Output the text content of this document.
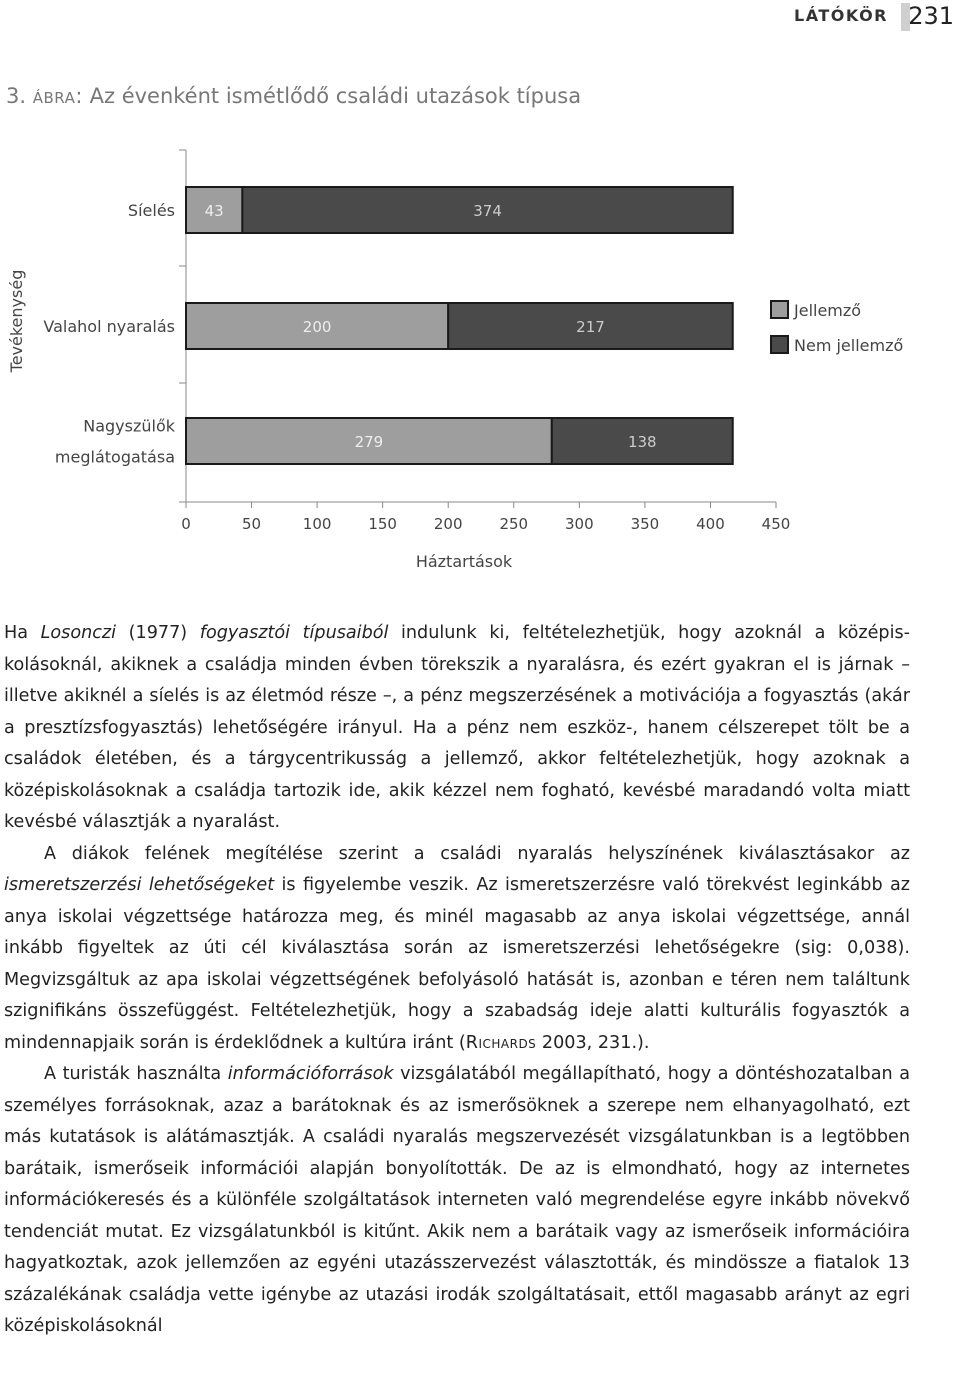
LÁTÓKÖR 231
3. ábra: Az évenként ismétlődő családi utazások típusa
0	50	100 150 200 250 300 350 400 450
43	374
Síelés
200	217
Valahol nyaralás
279	138
Nagyszülők
meglátogatása
Háztartások
Tevékenység	Jellemző
Nem jellemző

Ha Losonczi (1977) fogyasztói típusaiból indulunk ki, feltételezhetjük, hogy azoknál a középiskolásoknál, akiknek a családja minden évben törekszik a nyaralásra, és ezért gyakran el is járnak – illetve akiknél a síelés is az életmód része –, a pénz megszerzésének a motivációja a fogyasztás (akár a presztízsfogyasztás) lehetőségére irányul. Ha a pénz nem eszköz-, hanem célszerepet tölt be a családok életében, és a tárgycentrikusság a jellemző, akkor feltételezhetjük, hogy azoknak a középiskolásoknak a családja tartozik ide, akik kézzel nem fogható, kevésbé maradandó volta miatt kevésbé választják a nyaralást.

A diákok felének megítélése szerint a családi nyaralás helyszínének kiválasztásakor az ismeretszerzési lehetőségeket is figyelembe veszik. Az ismeretszerzésre való törekvést leginkább az anya iskolai végzettsége határozza meg, és minél magasabb az anya iskolai végzettsége, annál inkább figyeltek az úti cél kiválasztása során az ismeretszerzési lehetőségekre (sig: 0,038). Megvizsgáltuk az apa iskolai végzettségének befolyásoló hatását is, azonban e téren nem találtunk szignifikáns összefüggést. Feltételezhetjük, hogy a szabadság ideje alatti kulturális fogyasztók a mindennapjaik során is érdeklődnek a kultúra iránt (Richards 2003, 231.).

A turisták használta információforrások vizsgálatából megállapítható, hogy a döntéshozatalban a személyes forrásoknak, azaz a barátoknak és az ismerősöknek a szerepe nem elhanyagolható, ezt más kutatások is alátámasztják. A családi nyaralás megszervezését vizsgálatunkban is a legtöbben barátaik, ismerőseik információi alapján bonyolították. De az is elmondható, hogy az internetes információkeresés és a különféle szolgáltatások interneten való megrendelése egyre inkább növekvő tendenciát mutat. Ez vizsgálatunkból is kitűnt. Akik nem a barátaik vagy az ismerőseik információira hagyatkoztak, azok jellemzően az egyéni utazásszervezést választották, és mindössze a fiatalok 13 százalékának családja vette igénybe az utazási irodák szolgáltatásait, ettől magasabb arányt az egri középiskolásoknál
